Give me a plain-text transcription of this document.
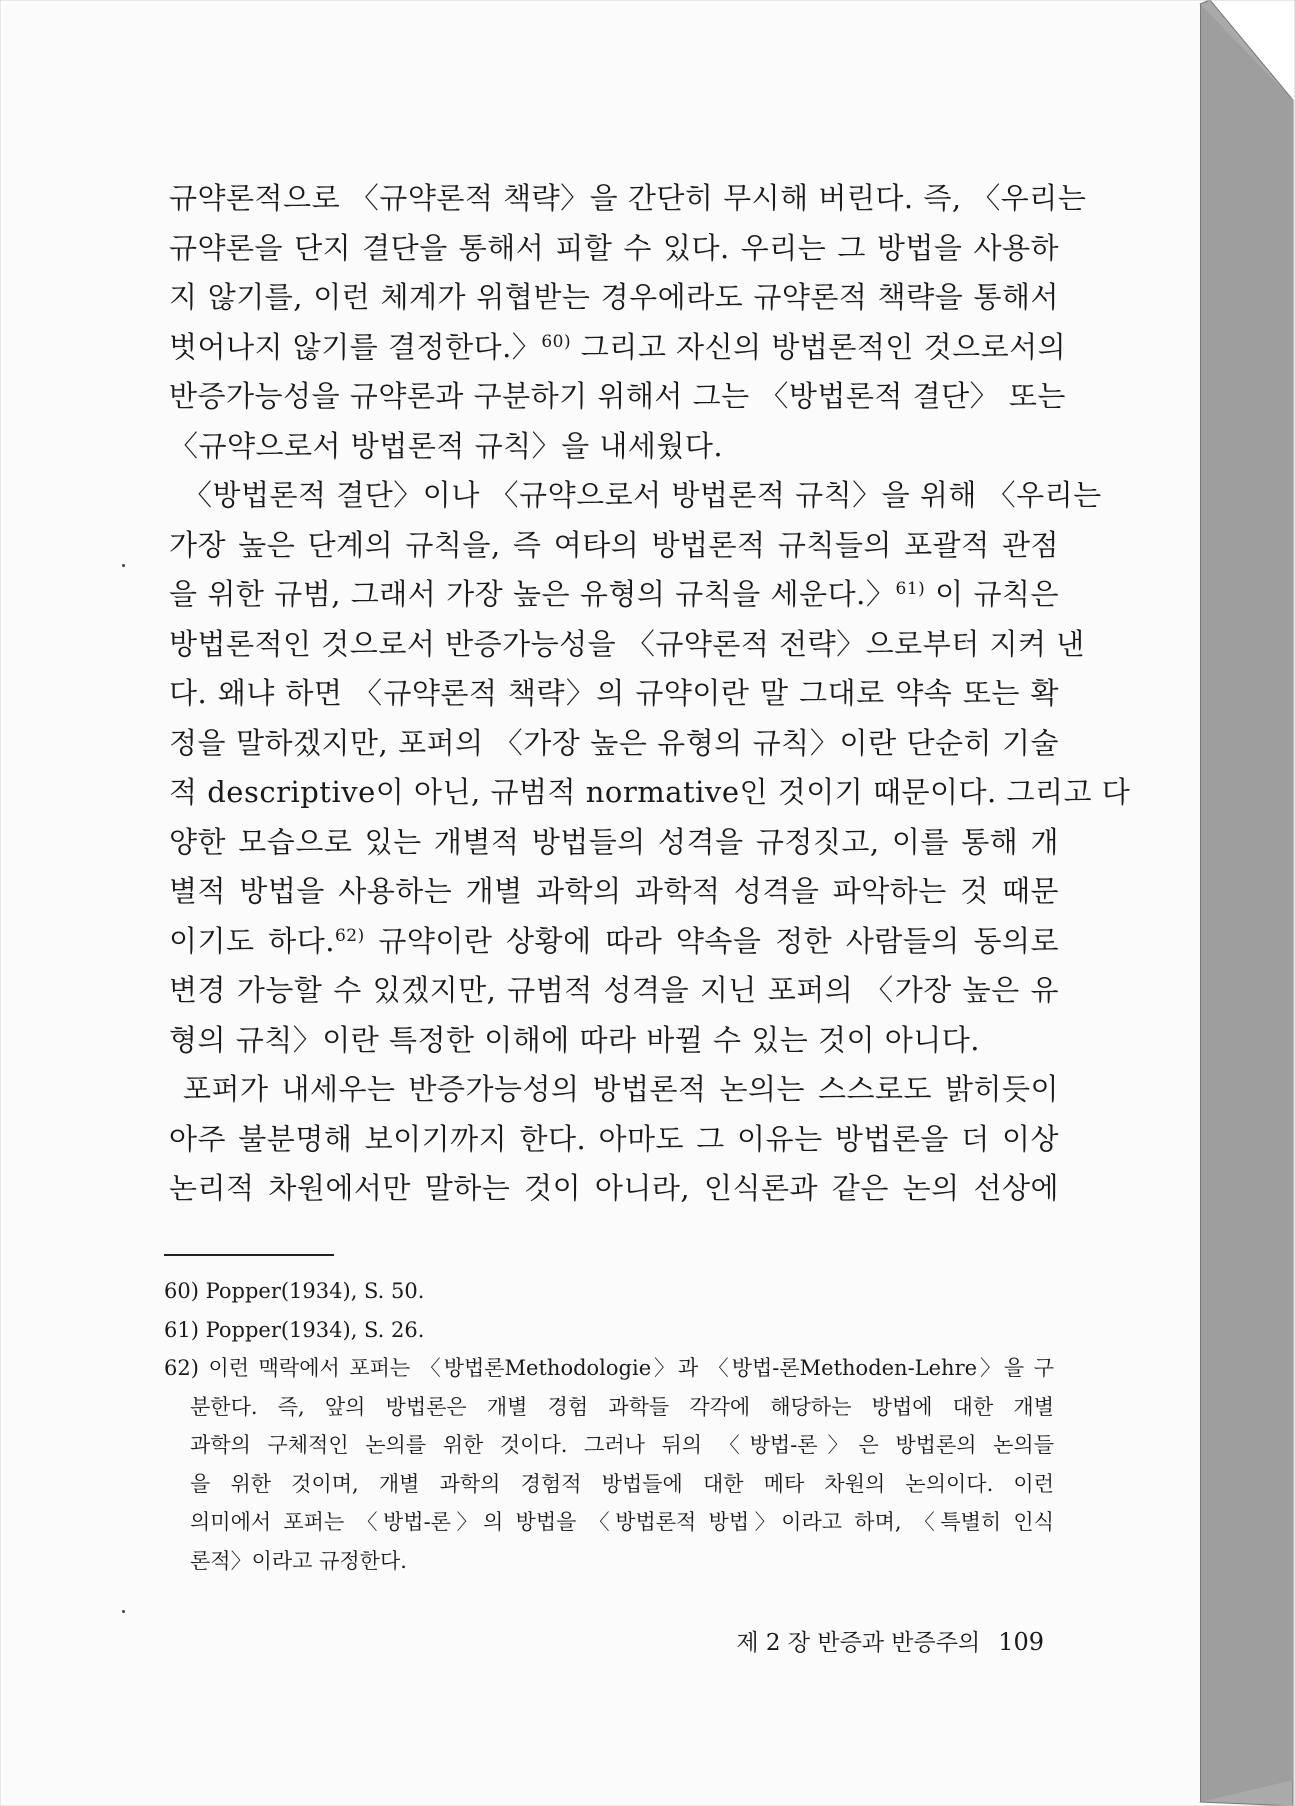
규약론적으로 〈규약론적 책략〉을 간단히 무시해 버린다. 즉, 〈우리는
규약론을 단지 결단을 통해서 피할 수 있다. 우리는 그 방법을 사용하
지 않기를, 이런 체계가 위협받는 경우에라도 규약론적 책략을 통해서
벗어나지 않기를 결정한다.〉$^{60)}$ 그리고 자신의 방법론적인 것으로서의
반증가능성을 규약론과 구분하기 위해서 그는 〈방법론적 결단〉 또는
〈규약으로서 방법론적 규칙〉을 내세웠다.
〈방법론적 결단〉이나 〈규약으로서 방법론적 규칙〉을 위해 〈우리는
가장 높은 단계의 규칙을, 즉 여타의 방법론적 규칙들의 포괄적 관점
을 위한 규범, 그래서 가장 높은 유형의 규칙을 세운다.〉$^{61)}$ 이 규칙은
방법론적인 것으로서 반증가능성을 〈규약론적 전략〉으로부터 지켜 낸
다. 왜냐 하면 〈규약론적 책략〉의 규약이란 말 그대로 약속 또는 확
정을 말하겠지만, 포퍼의 〈가장 높은 유형의 규칙〉이란 단순히 기술
적 descriptive이 아닌, 규범적 normative인 것이기 때문이다. 그리고 다
양한 모습으로 있는 개별적 방법들의 성격을 규정짓고, 이를 통해 개
별적 방법을 사용하는 개별 과학의 과학적 성격을 파악하는 것 때문
이기도 하다.$^{62)}$ 규약이란 상황에 따라 약속을 정한 사람들의 동의로
변경 가능할 수 있겠지만, 규범적 성격을 지닌 포퍼의 〈가장 높은 유
형의 규칙〉이란 특정한 이해에 따라 바뀔 수 있는 것이 아니다.
포퍼가 내세우는 반증가능성의 방법론적 논의는 스스로도 밝히듯이
아주 불분명해 보이기까지 한다. 아마도 그 이유는 방법론을 더 이상
논리적 차원에서만 말하는 것이 아니라, 인식론과 같은 논의 선상에
60) Popper(1934), S. 50.
61) Popper(1934), S. 26.
62) 이런 맥락에서 포퍼는 〈방법론Methodologie〉과 〈방법-론Methoden-Lehre〉을 구
분한다. 즉, 앞의 방법론은 개별 경험 과학들 각각에 해당하는 방법에 대한 개별
과학의 구체적인 논의를 위한 것이다. 그러나 뒤의 〈방법-론〉은 방법론의 논의들
을 위한 것이며, 개별 과학의 경험적 방법들에 대한 메타 차원의 논의이다. 이런
의미에서 포퍼는 〈방법-론〉의 방법을 〈방법론적 방법〉이라고 하며, 〈특별히 인식
론적〉이라고 규정한다.
제 2 장 반증과 반증주의 109
